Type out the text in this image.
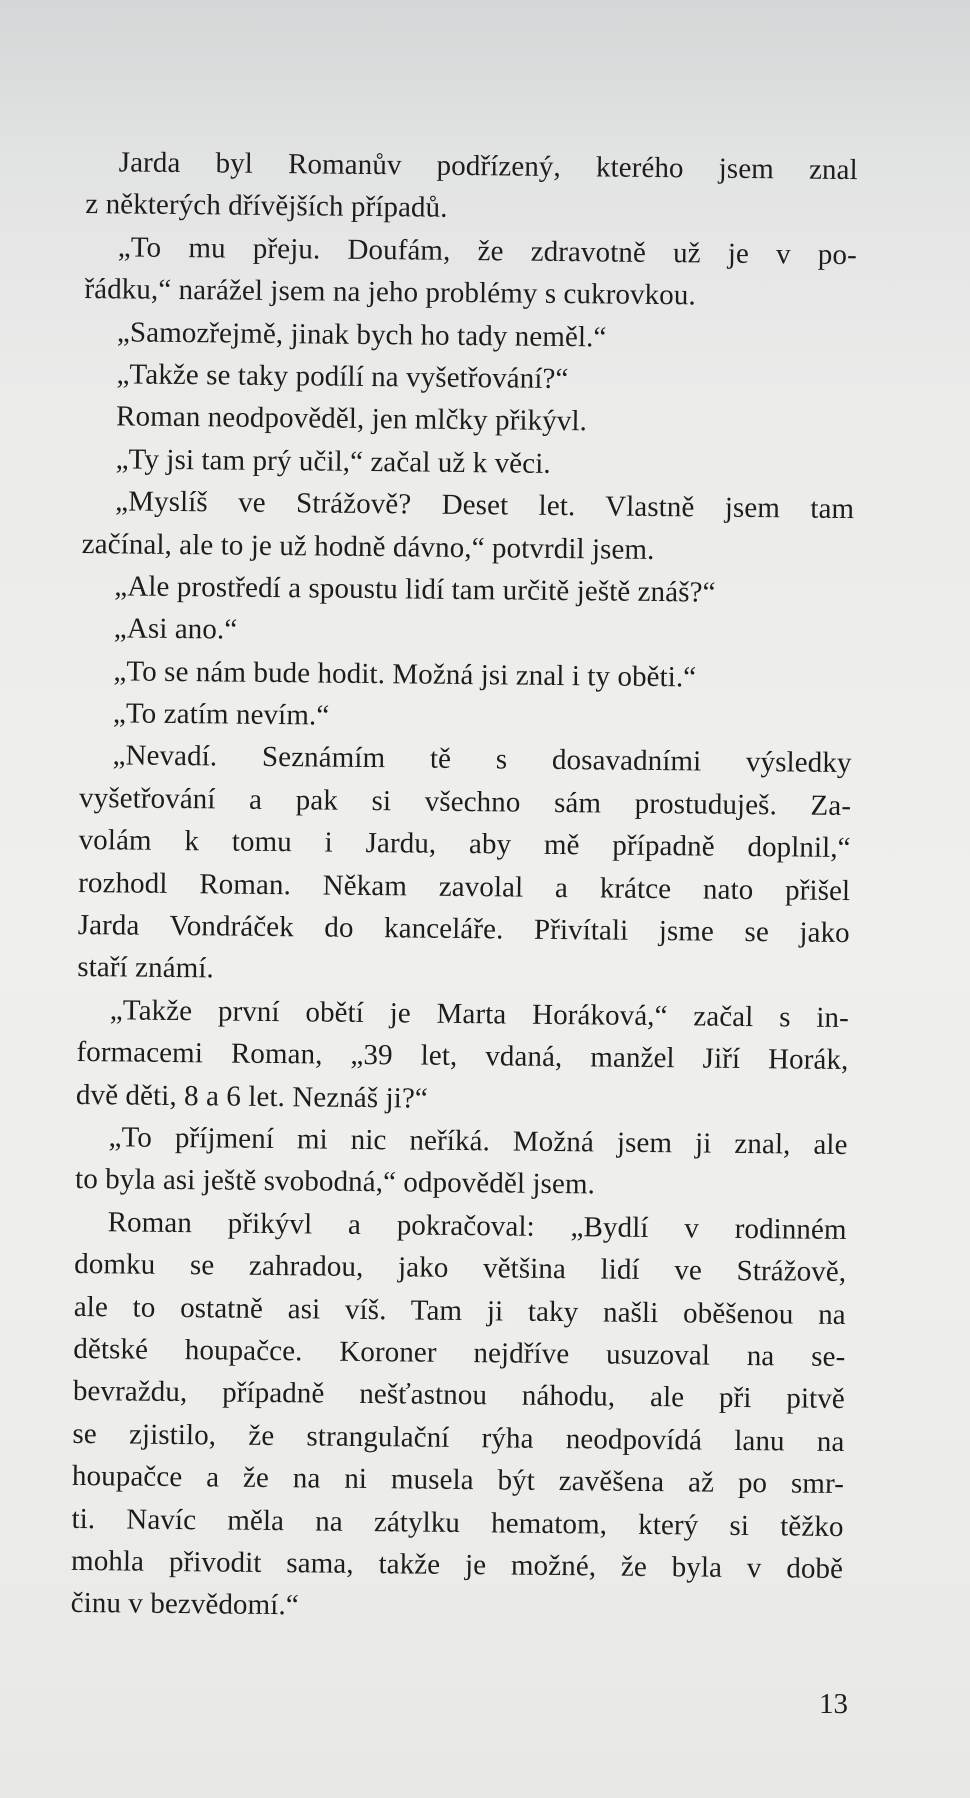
Jarda byl Romanův podřízený, kterého jsem znal
z některých dřívějších případů.
„To mu přeju. Doufám, že zdravotně už je v po-
řádku,“ narážel jsem na jeho problémy s cukrovkou.
„Samozřejmě, jinak bych ho tady neměl.“
„Takže se taky podílí na vyšetřování?“
Roman neodpověděl, jen mlčky přikývl.
„Ty jsi tam prý učil,“ začal už k věci.
„Myslíš ve Strážově? Deset let. Vlastně jsem tam
začínal, ale to je už hodně dávno,“ potvrdil jsem.
„Ale prostředí a spoustu lidí tam určitě ještě znáš?“
„Asi ano.“
„To se nám bude hodit. Možná jsi znal i ty oběti.“
„To zatím nevím.“
„Nevadí. Seznámím tě s dosavadními výsledky
vyšetřování a pak si všechno sám prostuduješ. Za-
volám k tomu i Jardu, aby mě případně doplnil,“
rozhodl Roman. Někam zavolal a krátce nato přišel
Jarda Vondráček do kanceláře. Přivítali jsme se jako
staří známí.
„Takže první obětí je Marta Horáková,“ začal s in-
formacemi Roman, „39 let, vdaná, manžel Jiří Horák,
dvě děti, 8 a 6 let. Neznáš ji?“
„To příjmení mi nic neříká. Možná jsem ji znal, ale
to byla asi ještě svobodná,“ odpověděl jsem.
Roman přikývl a pokračoval: „Bydlí v rodinném
domku se zahradou, jako většina lidí ve Strážově,
ale to ostatně asi víš. Tam ji taky našli oběšenou na
dětské houpačce. Koroner nejdříve usuzoval na se-
bevraždu, případně nešťastnou náhodu, ale při pitvě
se zjistilo, že strangulační rýha neodpovídá lanu na
houpačce a že na ni musela být zavěšena až po smr-
ti. Navíc měla na zátylku hematom, který si těžko
mohla přivodit sama, takže je možné, že byla v době
činu v bezvědomí.“
13
